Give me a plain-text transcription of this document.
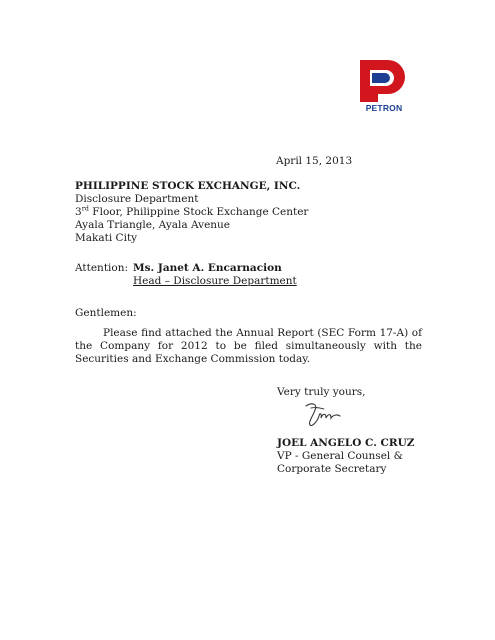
PETRON
April 15, 2013
PHILIPPINE STOCK EXCHANGE, INC.
Disclosure Department
3rd Floor, Philippine Stock Exchange Center
Ayala Triangle, Ayala Avenue
Makati City
Attention: Ms. Janet A. Encarnacion
Head – Disclosure Department
Gentlemen:
Please find attached the Annual Report (SEC Form 17-A) of the Company for 2012 to be filed simultaneously with the Securities and Exchange Commission today.
Very truly yours,
JOEL ANGELO C. CRUZ
VP - General Counsel &
Corporate Secretary
